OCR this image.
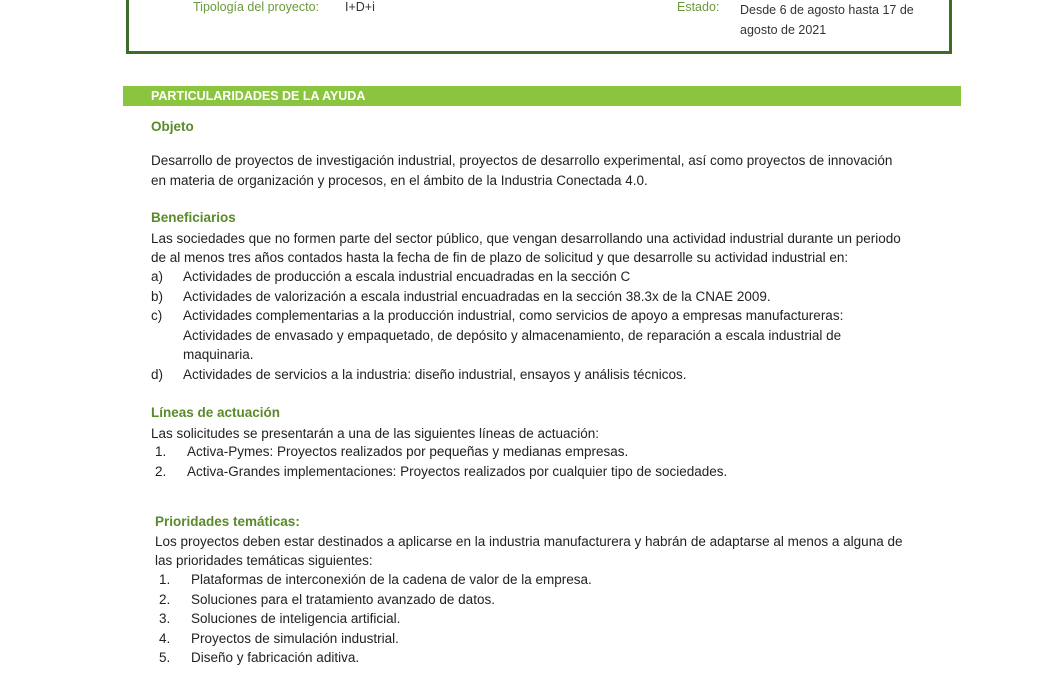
Tipología del proyecto: I+D+i	Estado: Desde 6 de agosto hasta 17 de
agosto de 2021
PARTICULARIDADES DE LA AYUDA
Objeto
Desarrollo de proyectos de investigación industrial, proyectos de desarrollo experimental, así como proyectos de innovación
en materia de organización y procesos, en el ámbito de la Industria Conectada 4.0.
Beneficiarios
Las sociedades que no formen parte del sector público, que vengan desarrollando una actividad industrial durante un periodo
de al menos tres años contados hasta la fecha de fin de plazo de solicitud y que desarrolle su actividad industrial en:
a) Actividades de producción a escala industrial encuadradas en la sección C
b) Actividades de valorización a escala industrial encuadradas en la sección 38.3x de la CNAE 2009.
c) Actividades complementarias a la producción industrial, como servicios de apoyo a empresas manufactureras:
Actividades de envasado y empaquetado, de depósito y almacenamiento, de reparación a escala industrial de
maquinaria.
d) Actividades de servicios a la industria: diseño industrial, ensayos y análisis técnicos.
Líneas de actuación
Las solicitudes se presentarán a una de las siguientes líneas de actuación:
1. Activa-Pymes: Proyectos realizados por pequeñas y medianas empresas.
2. Activa-Grandes implementaciones: Proyectos realizados por cualquier tipo de sociedades.
Prioridades temáticas:
Los proyectos deben estar destinados a aplicarse en la industria manufacturera y habrán de adaptarse al menos a alguna de
las prioridades temáticas siguientes:
1. Plataformas de interconexión de la cadena de valor de la empresa.
2. Soluciones para el tratamiento avanzado de datos.
3. Soluciones de inteligencia artificial.
4. Proyectos de simulación industrial.
5. Diseño y fabricación aditiva.
